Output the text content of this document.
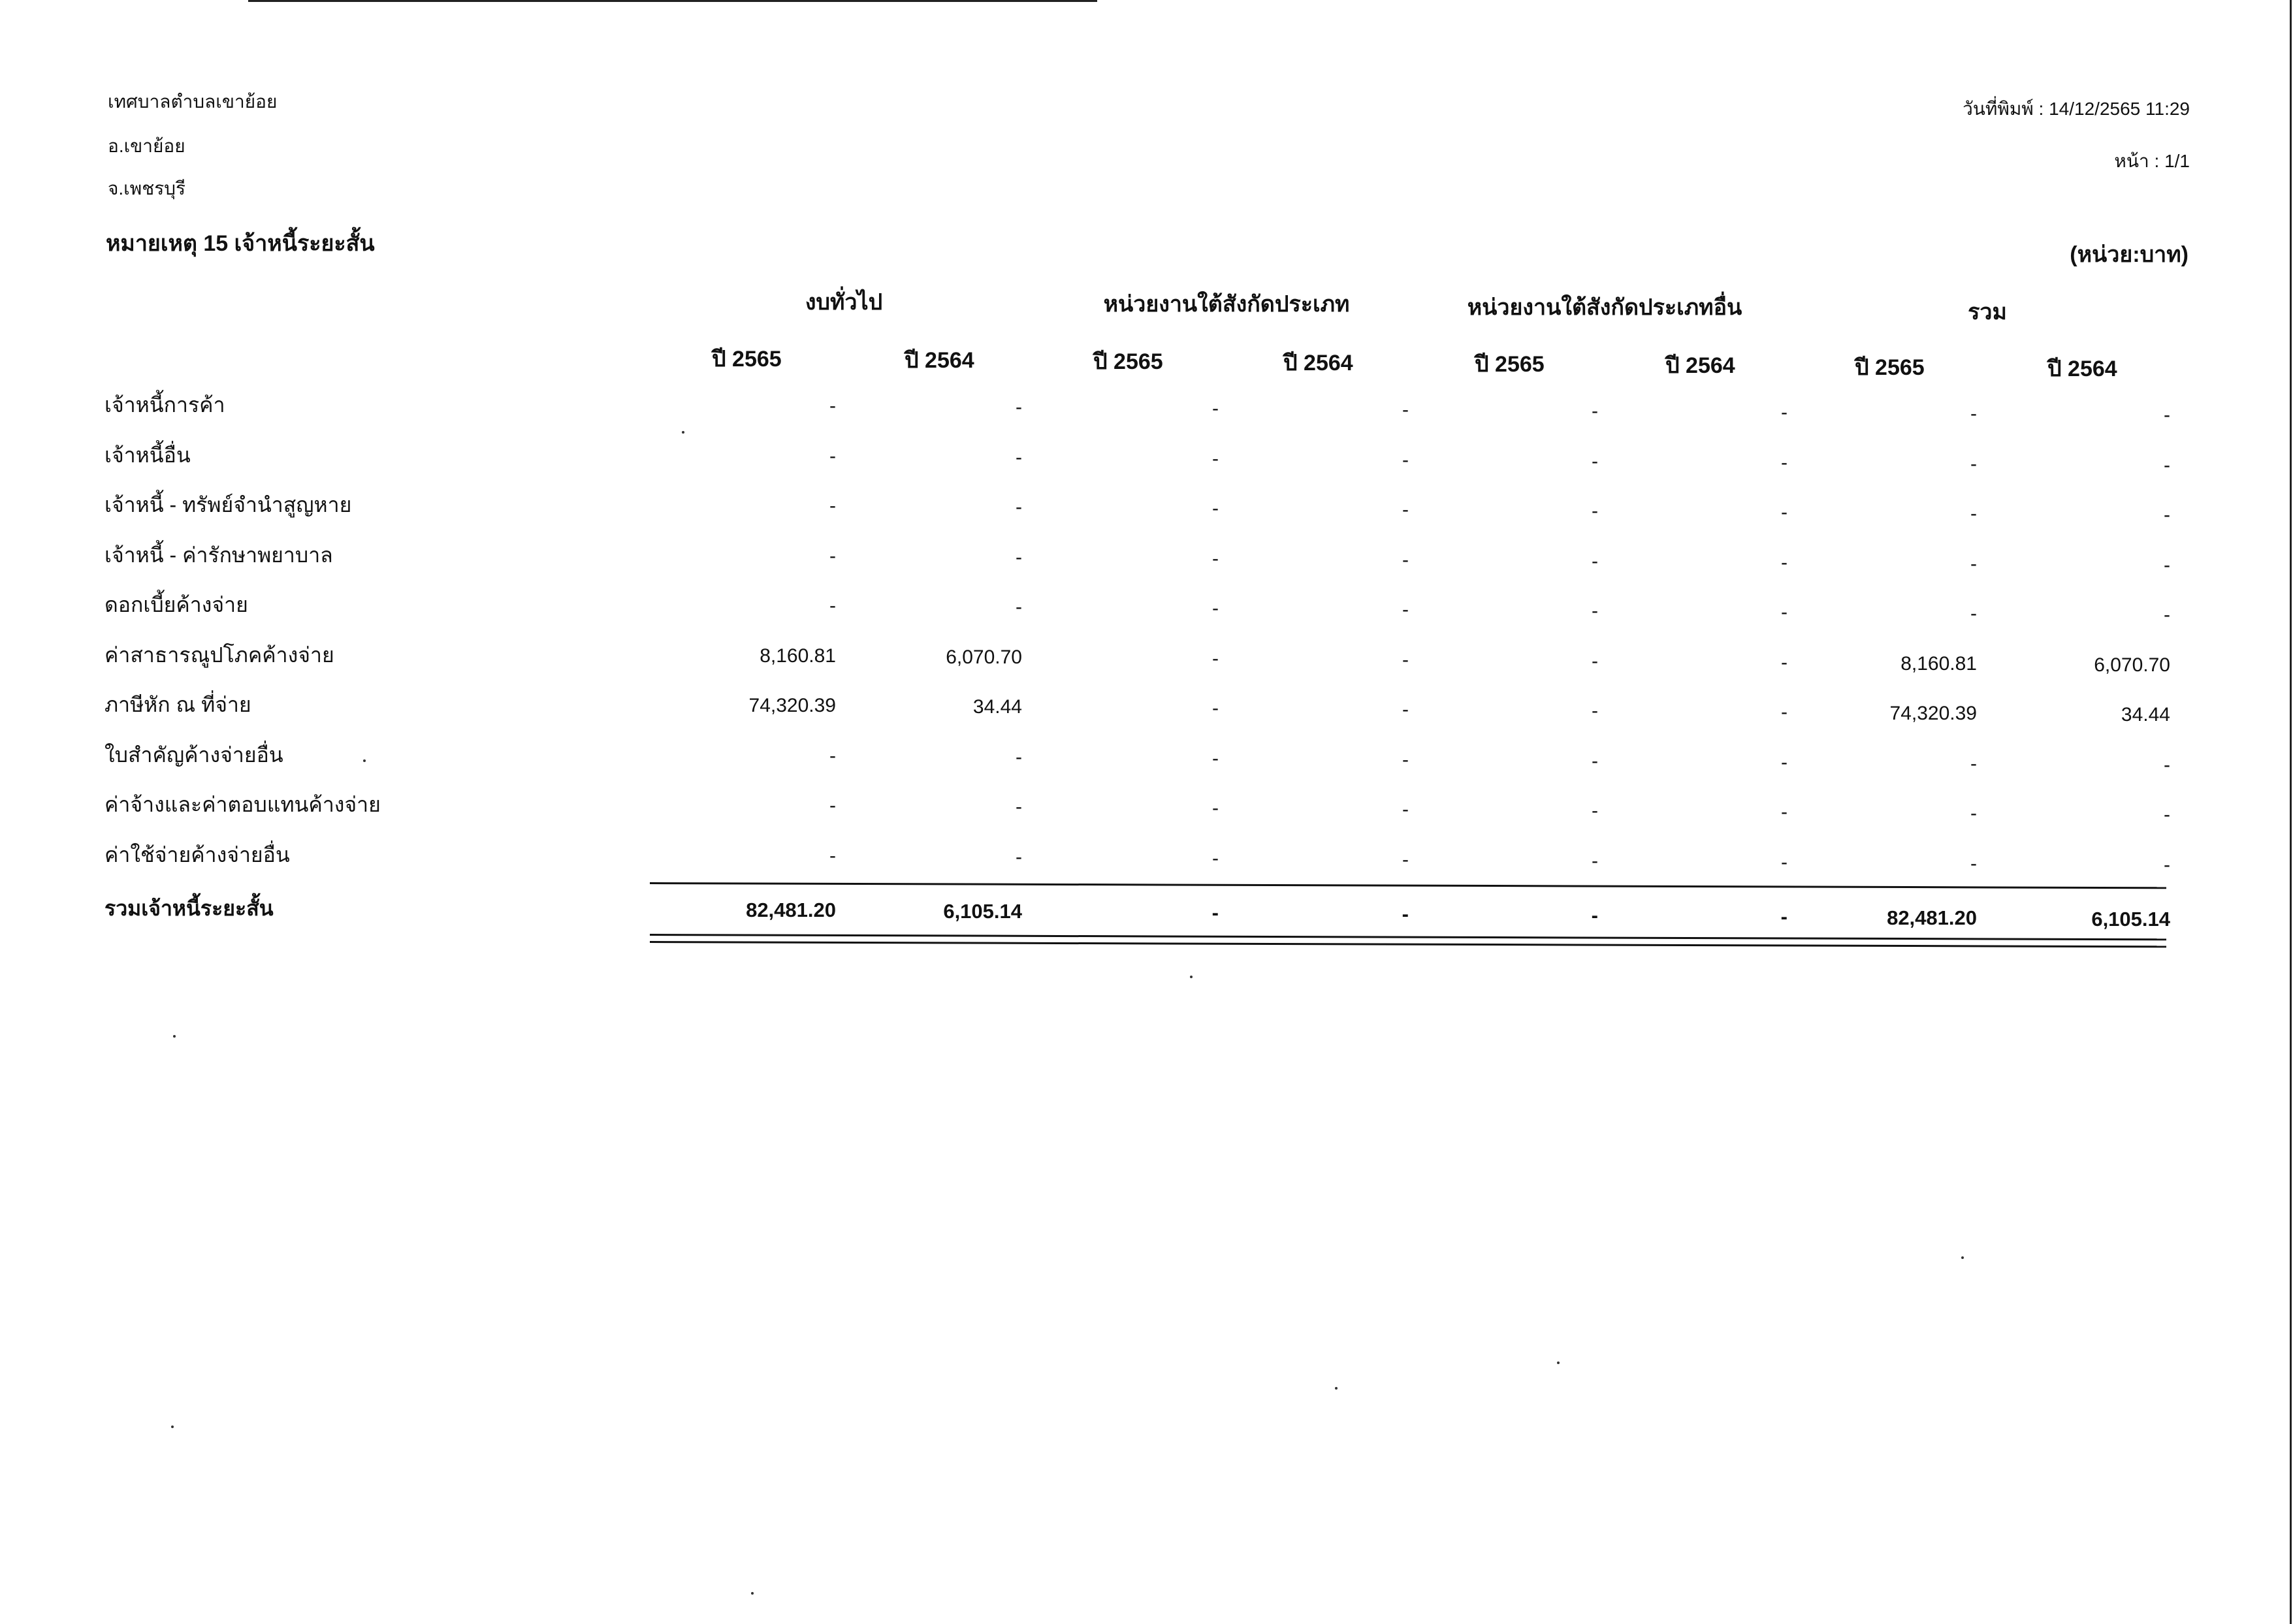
เทศบาลตำบลเขาย้อย
อ.เขาย้อย
จ.เพชรบุรี
วันที่พิมพ์ : 14/12/2565 11:29
หน้า : 1/1
หมายเหตุ 15 เจ้าหนี้ระยะสั้น	(หน่วย:บาท)
งบทั่วไป	หน่วยงานใต้สังกัดประเภท	หน่วยงานใต้สังกัดประเภทอื่น	รวม
ปี 2565	ปี 2564	ปี 2565	ปี 2564	ปี 2565	ปี 2564	ปี 2565	ปี 2564
เจ้าหนี้การค้า	-	-	-	-	-	-	-	-
เจ้าหนี้อื่น	-	-	-	-	-	-	-	-
เจ้าหนี้ - ทรัพย์จำนำสูญหาย	-	-	-	-	-	-	-	-
เจ้าหนี้ - ค่ารักษาพยาบาล	-	-	-	-	-	-	-	-
ดอกเบี้ยค้างจ่าย	-	-	-	-	-	-	-	-
ค่าสาธารณูปโภคค้างจ่าย	8,160.81	6,070.70	-	-	-	-	8,160.81	6,070.70
ภาษีหัก ณ ที่จ่าย	74,320.39	34.44	-	-	-	-	74,320.39	34.44
ใบสำคัญค้างจ่ายอื่น	-	-	-	-	-	-	-	-
ค่าจ้างและค่าตอบแทนค้างจ่าย	-	-	-	-	-	-	-	-
ค่าใช้จ่ายค้างจ่ายอื่น	-	-	-	-	-	-	-	-
รวมเจ้าหนี้ระยะสั้น	82,481.20	6,105.14	-	-	-	-	82,481.20	6,105.14
